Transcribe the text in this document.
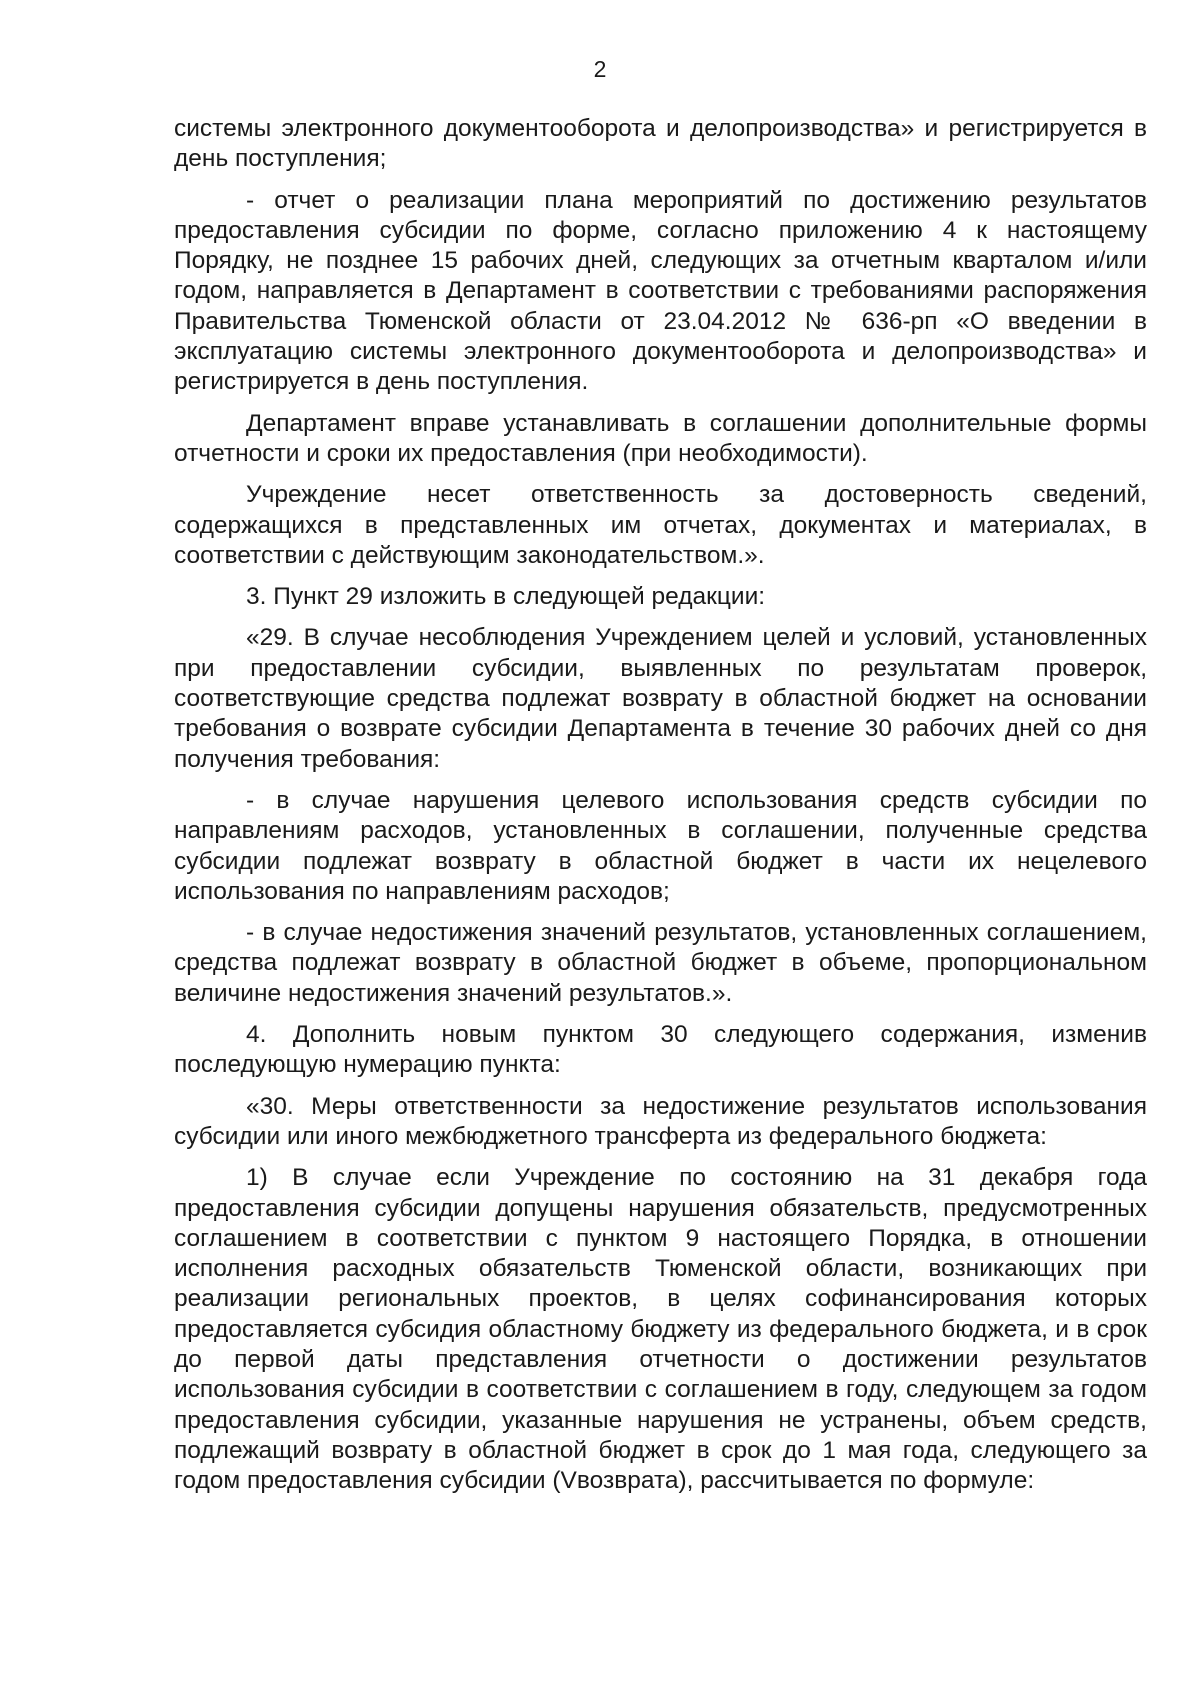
2

системы электронного документооборота и делопроизводства» и регистрируется в день поступления;

- отчет о реализации плана мероприятий по достижению результатов предоставления субсидии по форме, согласно приложению 4 к настоящему Порядку, не позднее 15 рабочих дней, следующих за отчетным кварталом и/или годом, направляется в Департамент в соответствии с требованиями распоряжения Правительства Тюменской области от 23.04.2012 № 636-рп «О введении в эксплуатацию системы электронного документооборота и делопроизводства» и регистрируется в день поступления.

Департамент вправе устанавливать в соглашении дополнительные формы отчетности и сроки их предоставления (при необходимости).

Учреждение несет ответственность за достоверность сведений, содержащихся в представленных им отчетах, документах и материалах, в соответствии с действующим законодательством.».

3. Пункт 29 изложить в следующей редакции:

«29. В случае несоблюдения Учреждением целей и условий, установленных при предоставлении субсидии, выявленных по результатам проверок, соответствующие средства подлежат возврату в областной бюджет на основании требования о возврате субсидии Департамента в течение 30 рабочих дней со дня получения требования:

- в случае нарушения целевого использования средств субсидии по направлениям расходов, установленных в соглашении, полученные средства субсидии подлежат возврату в областной бюджет в части их нецелевого использования по направлениям расходов;

- в случае недостижения значений результатов, установленных соглашением, средства подлежат возврату в областной бюджет в объеме, пропорциональном величине недостижения значений результатов.».

4. Дополнить новым пунктом 30 следующего содержания, изменив последующую нумерацию пункта:

«30. Меры ответственности за недостижение результатов использования субсидии или иного межбюджетного трансферта из федерального бюджета:

1) В случае если Учреждение по состоянию на 31 декабря года предоставления субсидии допущены нарушения обязательств, предусмотренных соглашением в соответствии с пунктом 9 настоящего Порядка, в отношении исполнения расходных обязательств Тюменской области, возникающих при реализации региональных проектов, в целях софинансирования которых предоставляется субсидия областному бюджету из федерального бюджета, и в срок до первой даты представления отчетности о достижении результатов использования субсидии в соответствии с соглашением в году, следующем за годом предоставления субсидии, указанные нарушения не устранены, объем средств, подлежащий возврату в областной бюджет в срок до 1 мая года, следующего за годом предоставления субсидии (Vвозврата), рассчитывается по формуле:
